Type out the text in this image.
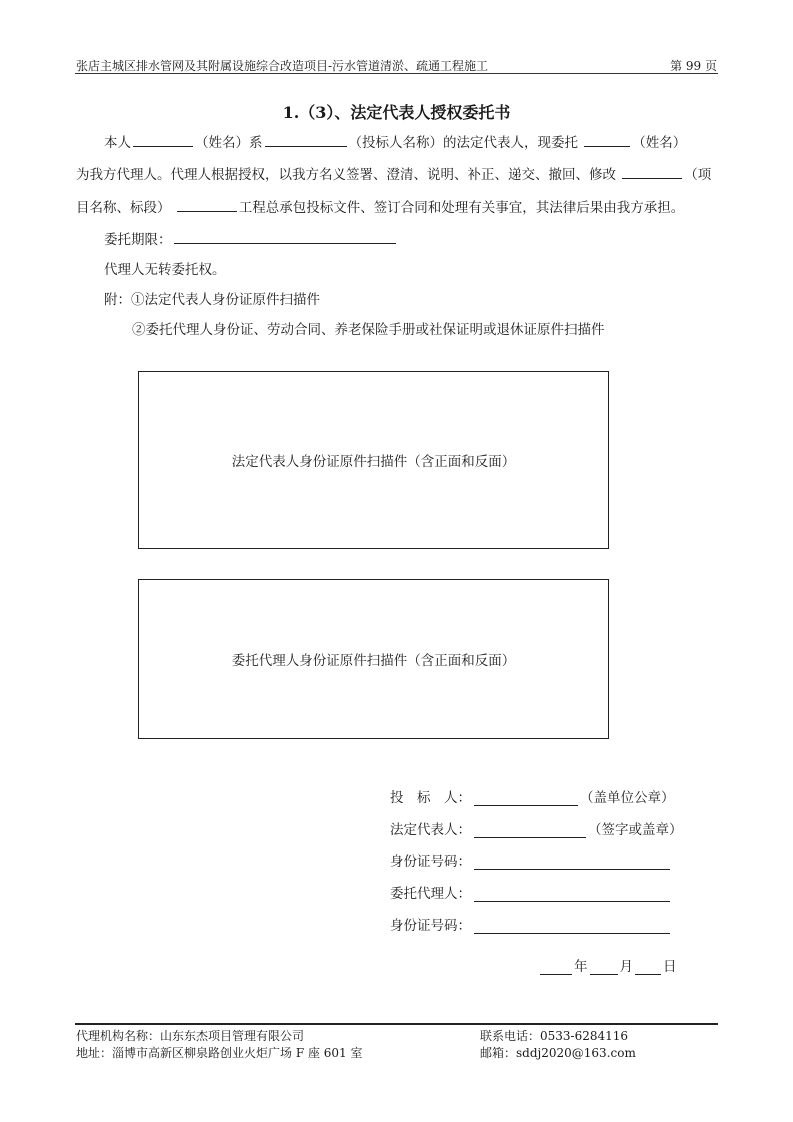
张店主城区排水管网及其附属设施综合改造项目-污水管道清淤、疏通工程施工	第 99 页
1.（3）、法定代表人授权委托书
本人	（姓名）系	（投标人名称）的法定代表人，现委托	（姓名）
为我方代理人。代理人根据授权，以我方名义签署、澄清、说明、补正、递交、撤回、修改	（项
目名称、标段）	工程总承包投标文件、签订合同和处理有关事宜，其法律后果由我方承担。
委托期限：
代理人无转委托权。
附：①法定代表人身份证原件扫描件
②委托代理人身份证、劳动合同、养老保险手册或社保证明或退休证原件扫描件
法定代表人身份证原件扫描件（含正面和反面）
委托代理人身份证原件扫描件（含正面和反面）
投　标　人：	（盖单位公章）
法定代表人：	（签字或盖章）
身份证号码：
委托代理人：
身份证号码：
年 月 日
代理机构名称：山东东杰项目管理有限公司
地址：淄博市高新区柳泉路创业火炬广场 F 座 601 室
联系电话：0533-6284116
邮箱：sddj2020@163.com
